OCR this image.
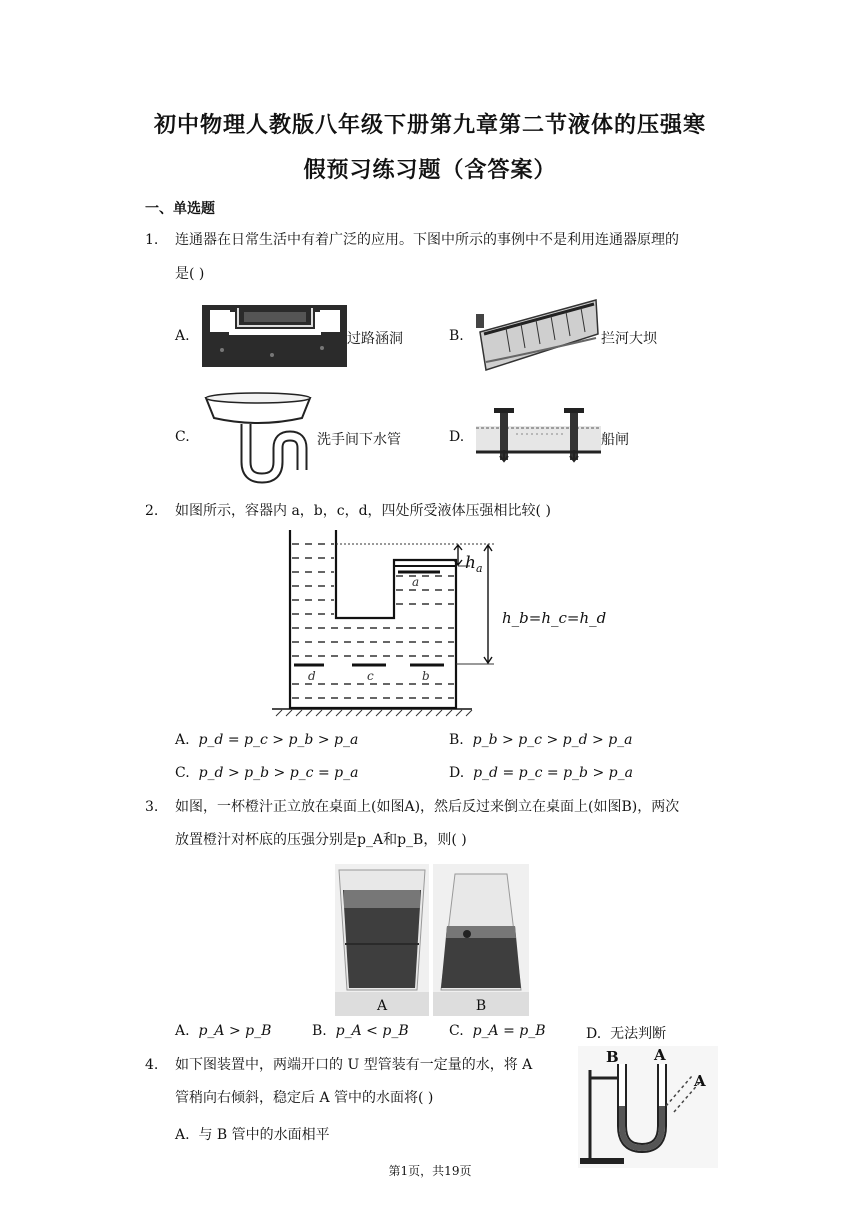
初中物理人教版八年级下册第九章第二节液体的压强寒
假预习练习题（含答案）
一、单选题
1. 连通器在日常生活中有着广泛的应用。下图中所示的事例中不是利用连通器原理的
是( )
A.	过路涵洞	B.	拦河大坝
C.	洗手间下水管	D.	船闸
2. 如图所示，容器内 a，b，c，d，四处所受液体压强相比较( )
a
d	c	b
$h_a$
h_b=h_c=h_d
A. p_d = p_c > p_b > p_a	B. p_b > p_c > p_d > p_a
C. p_d > p_b > p_c = p_a	D. p_d = p_c = p_b > p_a
3. 如图，一杯橙汁正立放在桌面上(如图A)，然后反过来倒立在桌面上(如图B)，两次
放置橙汁对杯底的压强分别是p_A和p_B，则( )
A	B
A. p_A > p_B	B. p_A < p_B	C. p_A = p_B	D. 无法判断
4. 如下图装置中，两端开口的 U 型管装有一定量的水，将 A
管稍向右倾斜，稳定后 A 管中的水面将( )
A. 与 B 管中的水面相平
B A
A
第1页，共19页
